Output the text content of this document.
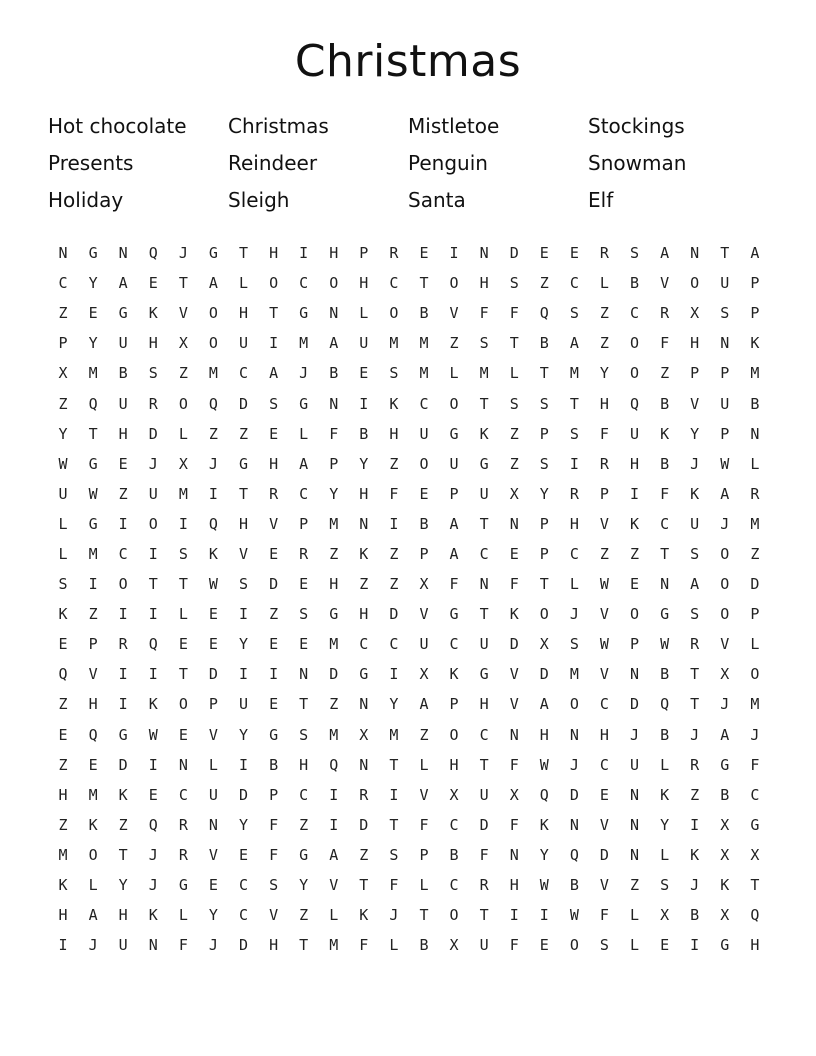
Christmas
Hot chocolate	Christmas	Mistletoe	Stockings
Presents	Reindeer	Penguin	Snowman
Holiday	Sleigh	Santa	Elf
N	G	N	Q	J	G	T	H	I	H	P	R	E	I	N	D	E	E	R	S	A	N	T	A
C	Y	A	E	T	A	L	O	C	O	H	C	T	O	H	S	Z	C	L	B	V	O	U	P
Z	E	G	K	V	O	H	T	G	N	L	O	B	V	F	F	Q	S	Z	C	R	X	S	P
P	Y	U	H	X	O	U	I	M	A	U	M	M	Z	S	T	B	A	Z	O	F	H	N	K
X	M	B	S	Z	M	C	A	J	B	E	S	M	L	M	L	T	M	Y	O	Z	P	P	M
Z	Q	U	R	O	Q	D	S	G	N	I	K	C	O	T	S	S	T	H	Q	B	V	U	B
Y	T	H	D	L	Z	Z	E	L	F	B	H	U	G	K	Z	P	S	F	U	K	Y	P	N
W	G	E	J	X	J	G	H	A	P	Y	Z	O	U	G	Z	S	I	R	H	B	J	W	L
U	W	Z	U	M	I	T	R	C	Y	H	F	E	P	U	X	Y	R	P	I	F	K	A	R
L	G	I	O	I	Q	H	V	P	M	N	I	B	A	T	N	P	H	V	K	C	U	J	M
L	M	C	I	S	K	V	E	R	Z	K	Z	P	A	C	E	P	C	Z	Z	T	S	O	Z
S	I	O	T	T	W	S	D	E	H	Z	Z	X	F	N	F	T	L	W	E	N	A	O	D
K	Z	I	I	L	E	I	Z	S	G	H	D	V	G	T	K	O	J	V	O	G	S	O	P
E	P	R	Q	E	E	Y	E	E	M	C	C	U	C	U	D	X	S	W	P	W	R	V	L
Q	V	I	I	T	D	I	I	N	D	G	I	X	K	G	V	D	M	V	N	B	T	X	O
Z	H	I	K	O	P	U	E	T	Z	N	Y	A	P	H	V	A	O	C	D	Q	T	J	M
E	Q	G	W	E	V	Y	G	S	M	X	M	Z	O	C	N	H	N	H	J	B	J	A	J
Z	E	D	I	N	L	I	B	H	Q	N	T	L	H	T	F	W	J	C	U	L	R	G	F
H	M	K	E	C	U	D	P	C	I	R	I	V	X	U	X	Q	D	E	N	K	Z	B	C
Z	K	Z	Q	R	N	Y	F	Z	I	D	T	F	C	D	F	K	N	V	N	Y	I	X	G
M	O	T	J	R	V	E	F	G	A	Z	S	P	B	F	N	Y	Q	D	N	L	K	X	X
K	L	Y	J	G	E	C	S	Y	V	T	F	L	C	R	H	W	B	V	Z	S	J	K	T
H	A	H	K	L	Y	C	V	Z	L	K	J	T	O	T	I	I	W	F	L	X	B	X	Q
I	J	U	N	F	J	D	H	T	M	F	L	B	X	U	F	E	O	S	L	E	I	G	H
